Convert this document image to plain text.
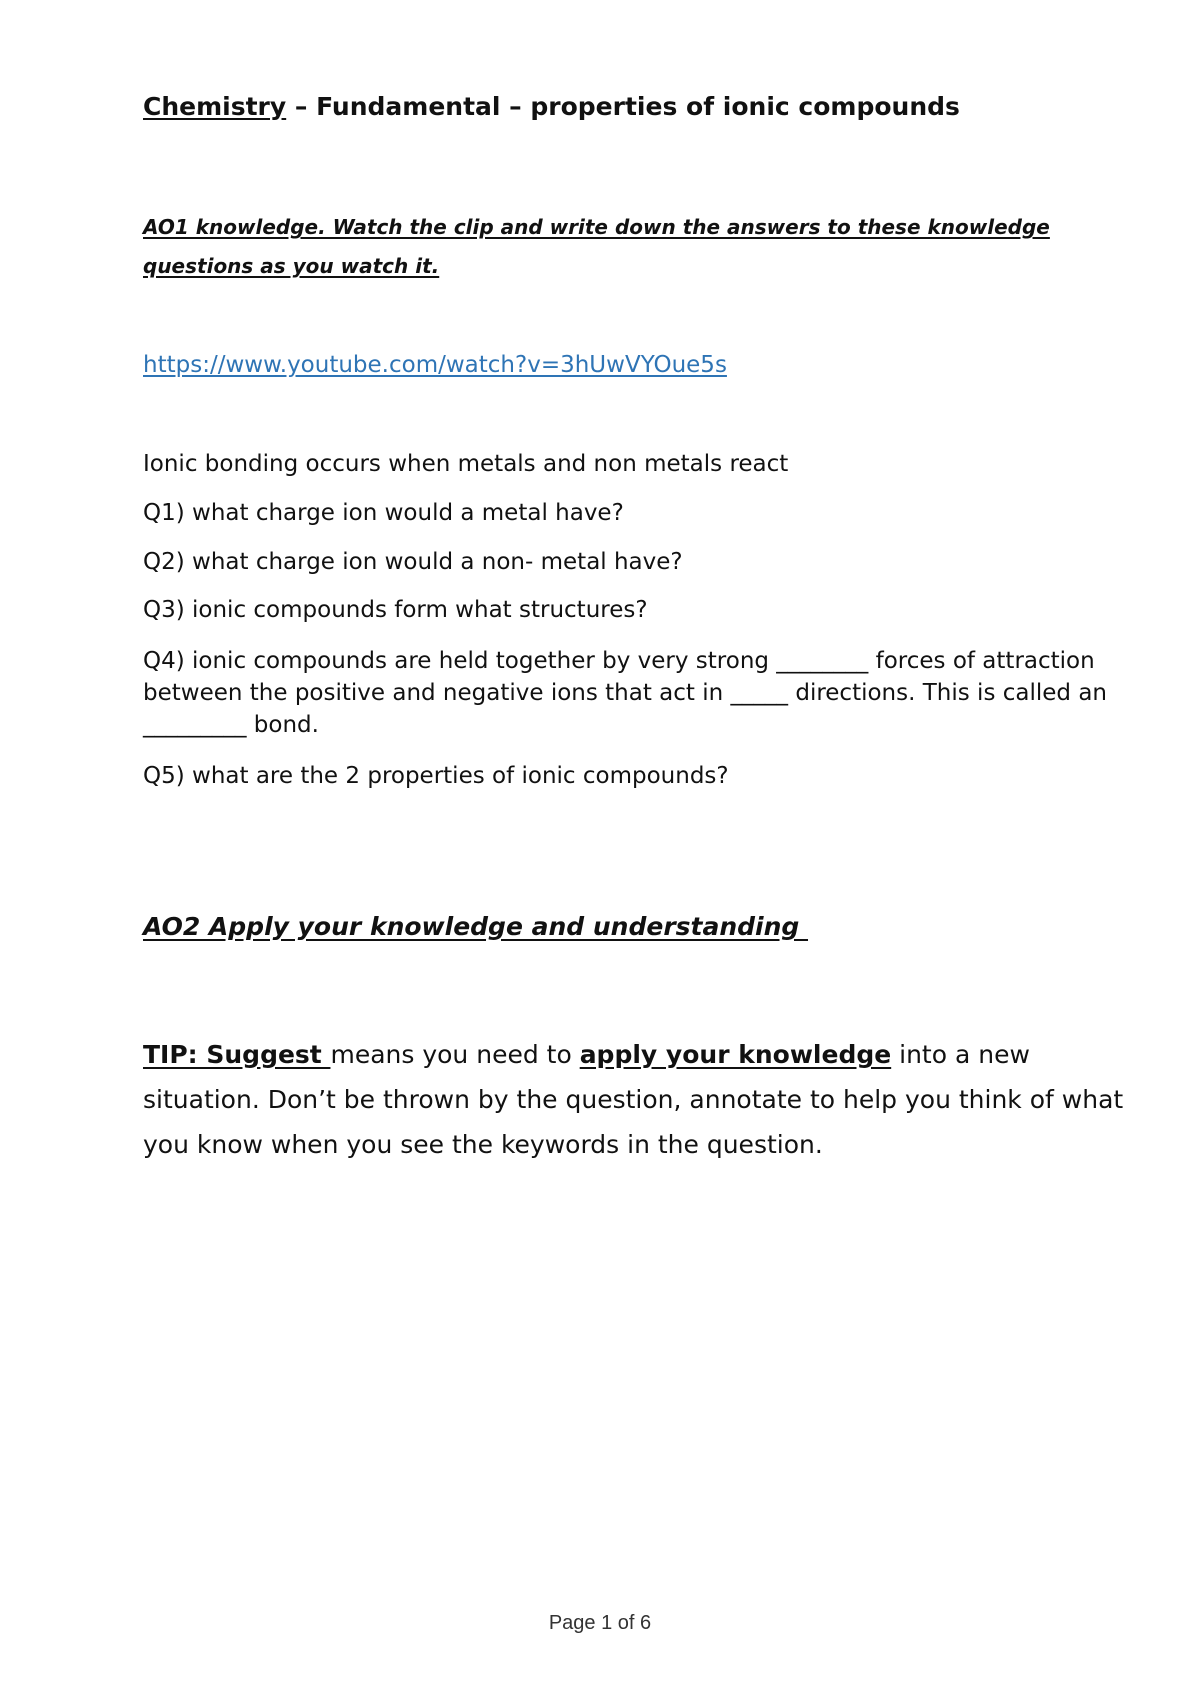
Chemistry – Fundamental – properties of ionic compounds
AO1 knowledge. Watch the clip and write down the answers to these knowledge questions as you watch it.
https://www.youtube.com/watch?v=3hUwVYOue5s
Ionic bonding occurs when metals and non metals react
Q1) what charge ion would a metal have?
Q2) what charge ion would a non- metal have?
Q3) ionic compounds form what structures?
Q4) ionic compounds are held together by very strong ________ forces of attraction between the positive and negative ions that act in _____ directions. This is called an _________ bond.
Q5) what are the 2 properties of ionic compounds?
AO2 Apply your knowledge and understanding
TIP: Suggest means you need to apply your knowledge into a new situation. Don’t be thrown by the question, annotate to help you think of what you know when you see the keywords in the question.
Page 1 of 6
